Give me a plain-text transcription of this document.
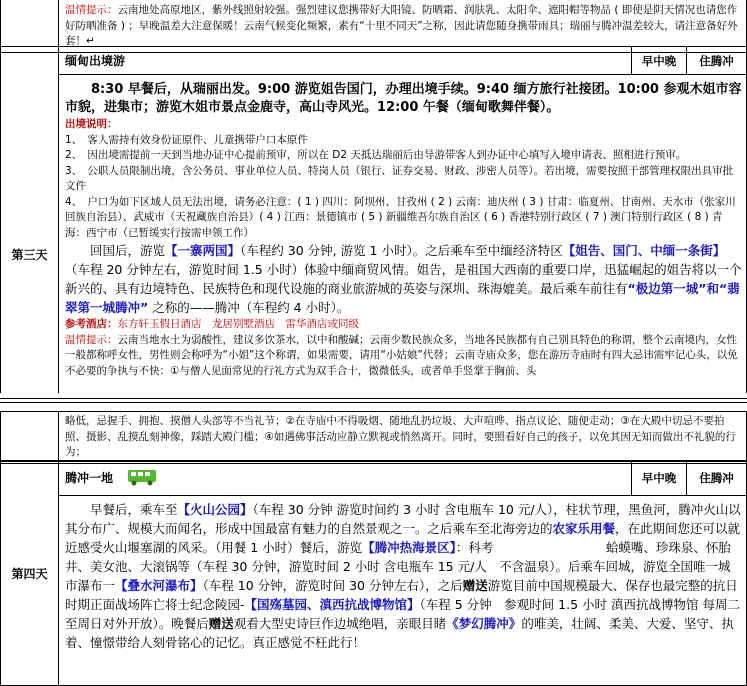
	温情提示：云南地处高原地区，紫外线照射较强。强烈建议您携带好大阳镜、防晒霜、润肤乳、太阳伞、遮阳帽等物品 ( 即使是阴天情况也请您作好防晒准备 ) ；早晚温差大注意保暖！云南气候变化频繁，素有“十里不同天”之称，因此请您随身携带雨具；瑞丽与腾冲温差较大，请注意备好外套！↵
第三天	缅甸出境游	早中晚	住腾冲

8:30 早餐后，从瑞丽出发。9:00 游览姐告国门，办理出境手续。9:40 缅方旅行社接团。10:00 参观木姐市容市貌，进集市；游览木姐市景点金鹿寺，高山寺风光。12:00 午餐（缅甸歌舞伴餐）。

出境说明：

1、　客人需持有效身份证原件、儿童携带户口本原件

2、　因出境需提前一天到当地办证中心提前预审，所以在 D2 天抵达瑞丽后由导游带客人到办证中心填写入境申请表、照相进行预审。

3、　公职人员限制出境，含公务员、事业单位人员、特岗人员（银行、证券交易、财政、涉密人员等）。若出境，需要按照干部管理权限出具审批文件

4、　户口为如下区域人员无法出境，请务必注意：( 1 ) 四川：阿坝州、甘孜州 ( 2 ) 云南：迪庆州 ( 3 ) 甘肃：临夏州、甘南州、天水市（张家川回族自治县）、武威市（天祝藏族自治县）( 4 ) 江西：景德镇市 ( 5 ) 新疆维吾尔族自治区 ( 6 ) 香港特别行政区 ( 7 ) 澳门特别行政区 ( 8 ) 青海：西宁市（已暂缓实行按需申领工作）

回国后，游览【一寨两国】（车程约 30 分钟, 游览 1 小时）。之后乘车至中缅经济特区【姐告、国门、中缅一条街】（车程 20 分钟左右，游览时间 1.5 小时）体验中缅商贸风情。姐告，是祖国大西南的重要口岸，迅猛崛起的姐告将以一个新兴的、具有边境特色、民族特色和现代设施的商业旅游城的英姿与深圳、珠海媲美。最后乘车前往有“极边第一城”和“翡翠第一城腾冲” 之称的——腾冲（车程约 4 小时）。

参考酒店：东方轩玉假日酒店　龙居别墅酒店　雷华酒店或同级

温情提示：云南当地水土为弱酸性，建议多饮茶水，以中和酸碱；云南少数民族众多，当地各民族都有自己别具特色的称谓，整个云南境内，女性一般都称呼女性，男性则会称呼为“小姐”这个称谓，如果需要，请用“小姑娘”代替；云南寺庙众多，您在游历寺庙时有四大忌讳需牢记心头，以免不必要的争执与不快：①与僧人见面常见的行礼方式为双手合十，微微低头，或者单手竖掌于胸前、头

	略低，忌握手、拥抱、摸僧人头部等不当礼节；②在寺庙中不得吸烟、随地乱扔垃圾、大声喧哗、指点议论、随便走动；③在大殿中切忌不要拍照、摄影、乱摸乱刻神像，踩踏大殿门槛；④如遇佛事活动应静立默视或悄然离开。同时，要照看好自己的孩子，以免其因无知而做出不礼貌的行为；
第四天	腾冲一地	早中晚	住腾冲

早餐后，乘车至【火山公园】（车程 30 分钟 游览时间约 3 小时 含电瓶车 10 元/人），柱状节理，黑鱼河，腾冲火山以其分布广、规模大而闻名，形成中国最富有魅力的自然景观之一。之后乘车至北海旁边的农家乐用餐，在此期间您还可以就近感受火山堰塞湖的风采。（用餐 1 小时）餐后，游览【腾冲热海景区】：科考　　　　　　　　　蛤蟆嘴、珍珠泉、怀胎井、美女池、大滚锅等（车程 30 分钟，游览时间 2 小时 含电瓶车 15 元/人　不含温泉）。后乘车回城，游览全国唯一城市瀑布一【叠水河瀑布】（车程 10 分钟，游览时间 30 分钟左右），之后赠送游览目前中国规模最大、保存也最完整的抗日时期正面战场阵亡将士纪念陵园-【国殇墓园、滇西抗战博物馆】（车程 5 分钟　参观时间 1.5 小时 滇西抗战博物馆 每周二至周日对外开放）。晚餐后赠送观看大型史诗巨作边城绝唱，亲眼目睹《梦幻腾冲》的唯美，壮阔、柔美、大爱、坚守、执着、憧憬带给人刻骨铭心的记忆。真正感觉不枉此行！
